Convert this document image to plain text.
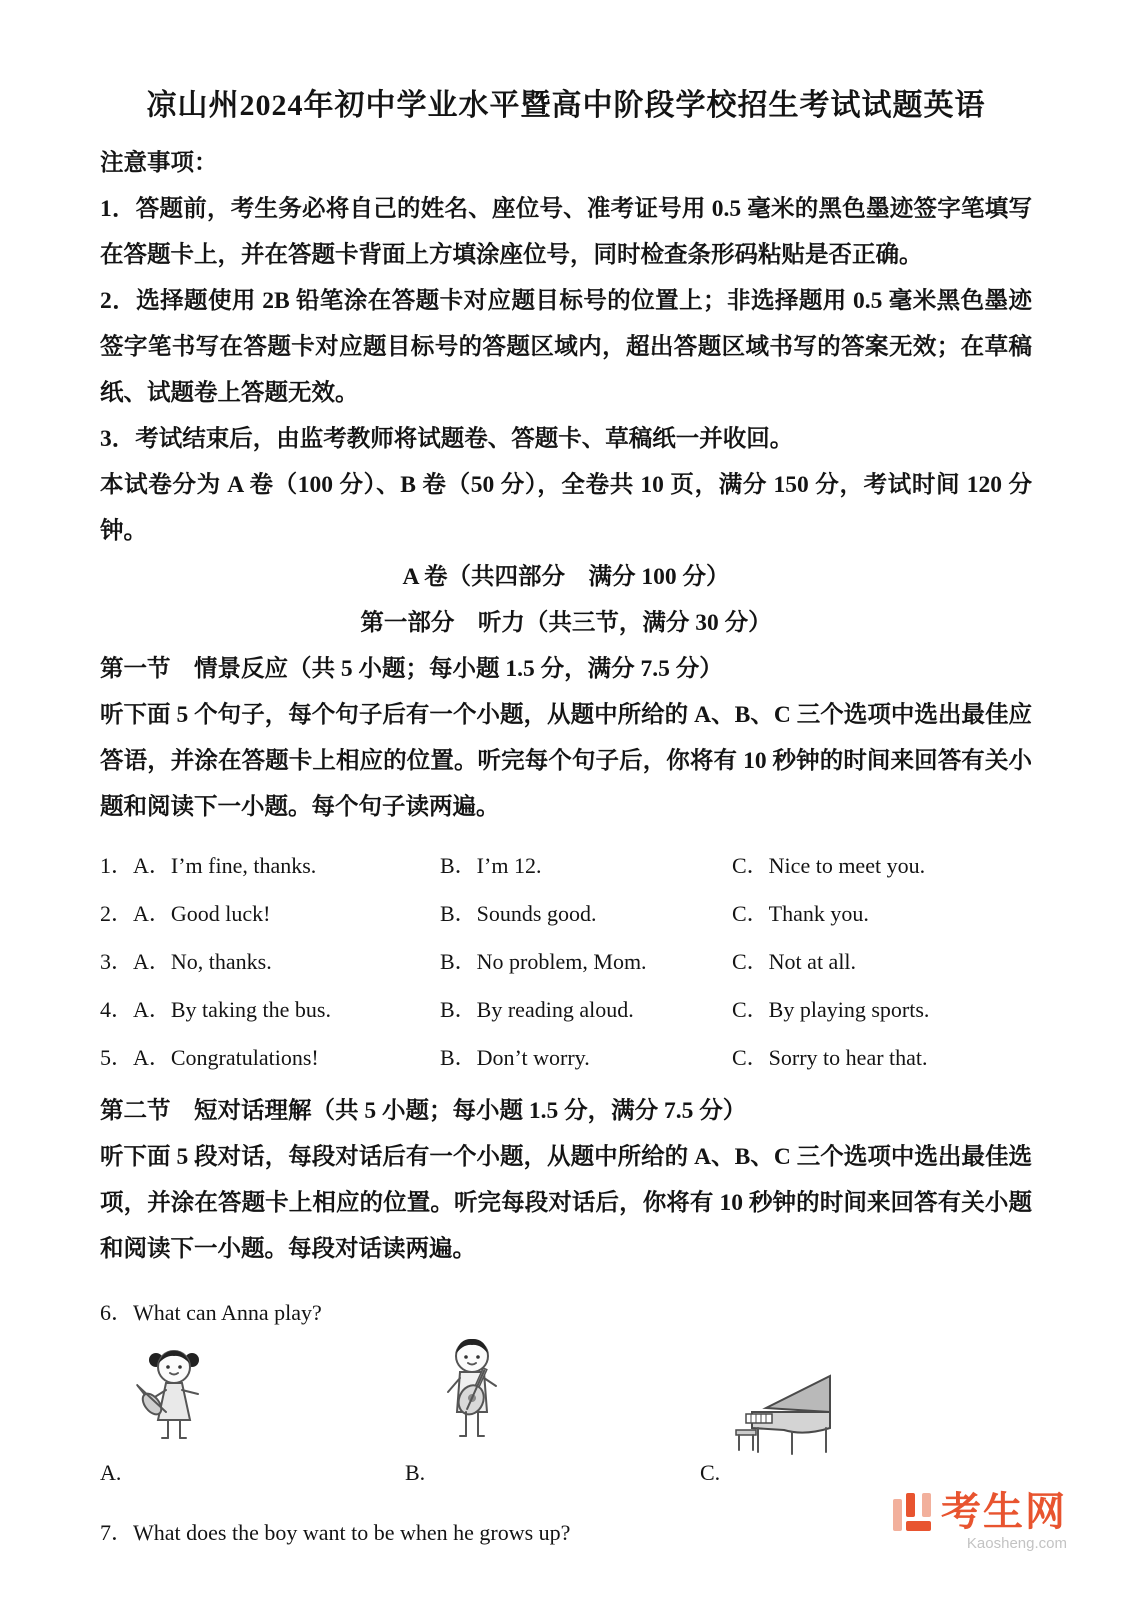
凉山州2024年初中学业水平暨高中阶段学校招生考试试题英语

注意事项：

1．答题前，考生务必将自己的姓名、座位号、准考证号用 0.5 毫米的黑色墨迹签字笔填写在答题卡上，并在答题卡背面上方填涂座位号，同时检查条形码粘贴是否正确。

2．选择题使用 2B 铅笔涂在答题卡对应题目标号的位置上；非选择题用 0.5 毫米黑色墨迹签字笔书写在答题卡对应题目标号的答题区域内，超出答题区域书写的答案无效；在草稿纸、试题卷上答题无效。

3．考试结束后，由监考教师将试题卷、答题卡、草稿纸一并收回。

本试卷分为 A 卷（100 分）、B 卷（50 分），全卷共 10 页，满分 150 分，考试时间 120 分钟。

A 卷（共四部分　满分 100 分）

第一部分　听力（共三节，满分 30 分）

第一节　情景反应（共 5 小题；每小题 1.5 分，满分 7.5 分）

听下面 5 个句子，每个句子后有一个小题，从题中所给的 A、B、C 三个选项中选出最佳应答语，并涂在答题卡上相应的位置。听完每个句子后，你将有 10 秒钟的时间来回答有关小题和阅读下一小题。每个句子读两遍。

1．A．I’m fine, thanks.	B．I’m 12.	C．Nice to meet you.
2．A．Good luck!	B．Sounds good.	C．Thank you.
3．A．No, thanks.	B．No problem, Mom.	C．Not at all.
4．A．By taking the bus.	B．By reading aloud.	C．By playing sports.
5．A．Congratulations!	B．Don’t worry.	C．Sorry to hear that.

第二节　短对话理解（共 5 小题；每小题 1.5 分，满分 7.5 分）

听下面 5 段对话，每段对话后有一个小题，从题中所给的 A、B、C 三个选项中选出最佳选项，并涂在答题卡上相应的位置。听完每段对话后，你将有 10 秒钟的时间来回答有关小题和阅读下一小题。每段对话读两遍。

6．What can Anna play?

A.	B.	C.

7．What does the boy want to be when he grows up?	考生网
Kaosheng.com
